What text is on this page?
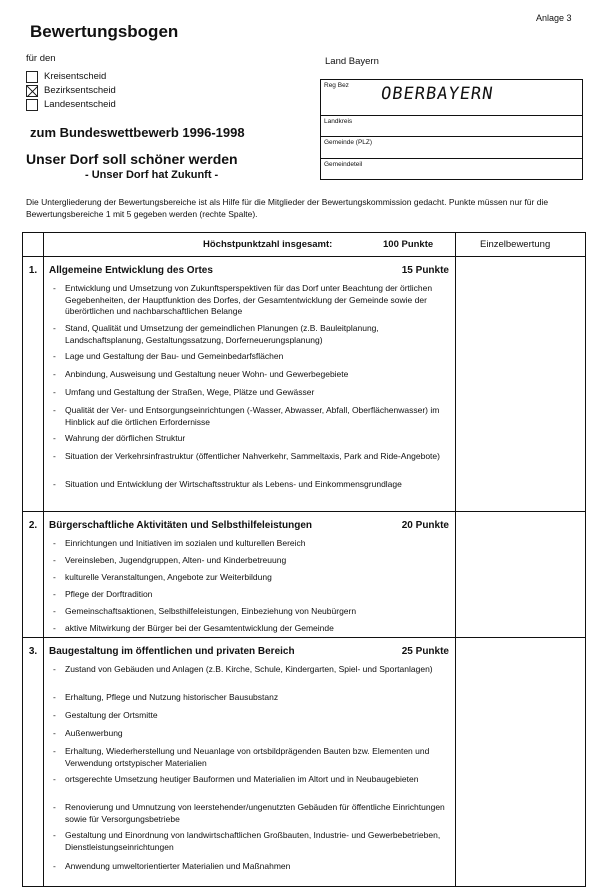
Bewertungsbogen
Anlage 3
für den	Land Bayern
Kreisentscheid
Bezirksentscheid
Landesentscheid
zum Bundeswettbewerb 1996-1998
Unser Dorf soll schöner werden
- Unser Dorf hat Zukunft -
Reg Bez OBERBAYERN
Landkreis
Gemeinde (PLZ)
Gemeindeteil
Die Untergliederung der Bewertungsbereiche ist als Hilfe für die Mitglieder der Bewertungskommission gedacht. Punkte müssen nur für die Bewertungsbereiche 1 mit 5 gegeben werden (rechte Spalte).
Höchstpunktzahl insgesamt:	100 Punkte	Einzelbewertung
1.	Allgemeine Entwicklung des Ortes	15 Punkte
- Entwicklung und Umsetzung von Zukunftsperspektiven für das Dorf unter Beachtung der örtlichen Gegebenheiten, der Hauptfunktion des Dorfes, der Gesamtentwicklung der Gemeinde sowie der überörtlichen und nachbarschaftlichen Belange
- Stand, Qualität und Umsetzung der gemeindlichen Planungen (z.B. Bauleitplanung, Landschaftsplanung, Gestaltungssatzung, Dorferneuerungsplanung)
- Lage und Gestaltung der Bau- und Gemeinbedarfsflächen
- Anbindung, Ausweisung und Gestaltung neuer Wohn- und Gewerbegebiete
- Umfang und Gestaltung der Straßen, Wege, Plätze und Gewässer
- Qualität der Ver- und Entsorgungseinrichtungen (-Wasser, Abwasser, Abfall, Oberflächenwasser) im Hinblick auf die örtlichen Erfordernisse
- Wahrung der dörflichen Struktur
- Situation der Verkehrsinfrastruktur (öffentlicher Nahverkehr, Sammeltaxis, Park and Ride-Angebote)
- Situation und Entwicklung der Wirtschaftsstruktur als Lebens- und Einkommensgrundlage
2.	Bürgerschaftliche Aktivitäten und Selbsthilfeleistungen	20 Punkte
- Einrichtungen und Initiativen im sozialen und kulturellen Bereich
- Vereinsleben, Jugendgruppen, Alten- und Kinderbetreuung
- kulturelle Veranstaltungen, Angebote zur Weiterbildung
- Pflege der Dorftradition
- Gemeinschaftsaktionen, Selbsthilfeleistungen, Einbeziehung von Neubürgern
- aktive Mitwirkung der Bürger bei der Gesamtentwicklung der Gemeinde
3.	Baugestaltung im öffentlichen und privaten Bereich	25 Punkte
- Zustand von Gebäuden und Anlagen (z.B. Kirche, Schule, Kindergarten, Spiel- und Sportanlagen)
- Erhaltung, Pflege und Nutzung historischer Bausubstanz
- Gestaltung der Ortsmitte
- Außenwerbung
- Erhaltung, Wiederherstellung und Neuanlage von ortsbildprägenden Bauten bzw. Elementen und Verwendung ortstypischer Materialien
- ortsgerechte Umsetzung heutiger Bauformen und Materialien im Altort und in Neubaugebieten
- Renovierung und Umnutzung von leerstehender/ungenutzten Gebäuden für öffentliche Einrichtungen sowie für Versorgungsbetriebe
- Gestaltung und Einordnung von landwirtschaftlichen Großbauten, Industrie- und Gewerbebetrieben, Dienstleistungseinrichtungen
- Anwendung umweltorientierter Materialien und Maßnahmen
